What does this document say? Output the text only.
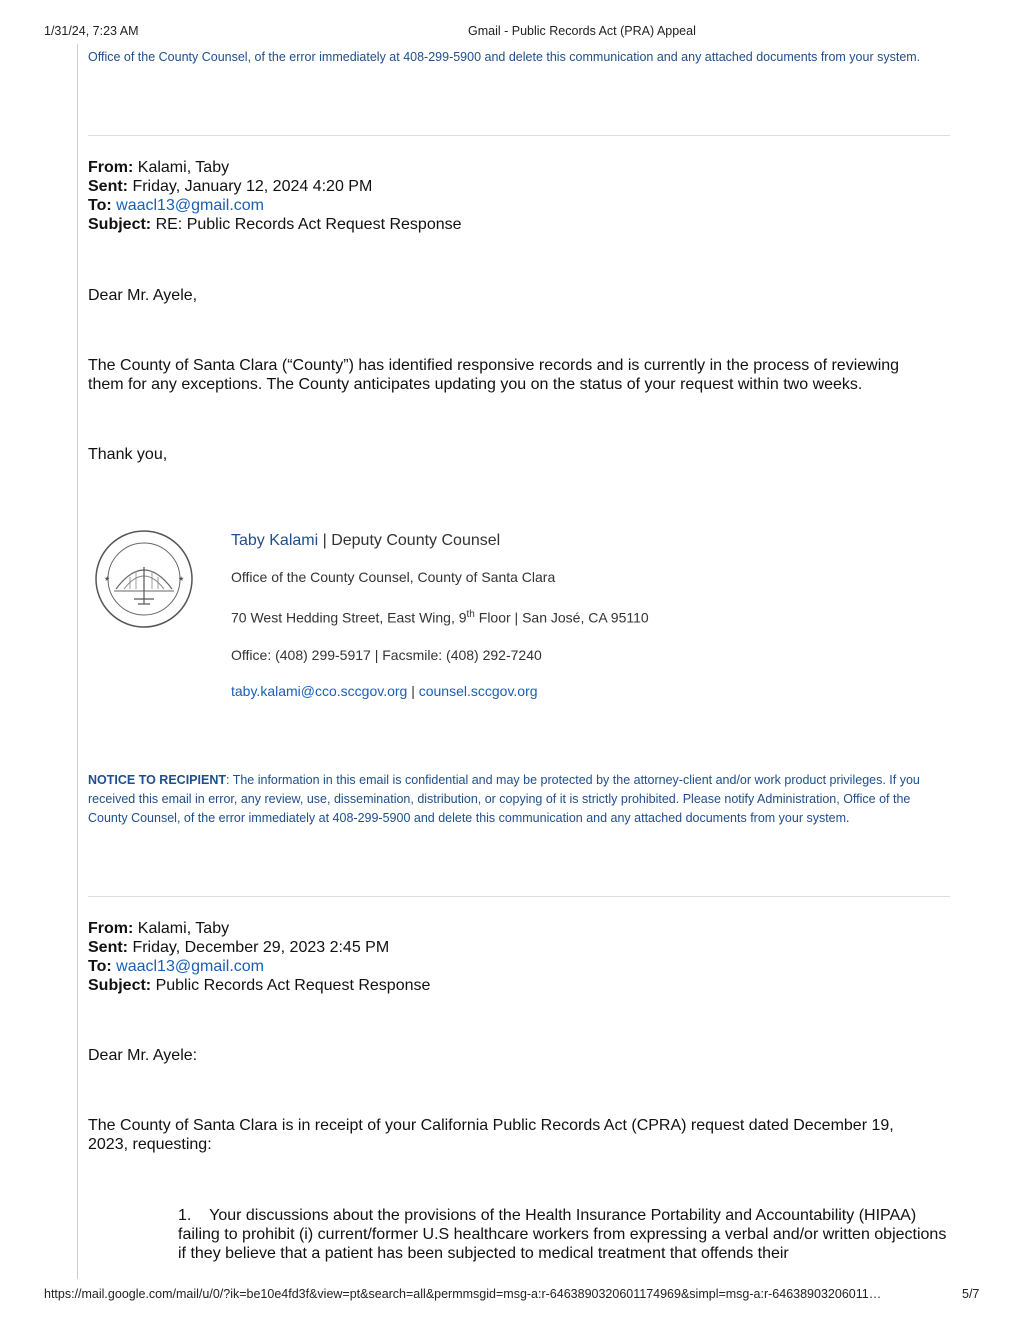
1/31/24, 7:23 AM	Gmail - Public Records Act (PRA) Appeal
Office of the County Counsel, of the error immediately at 408-299-5900 and delete this communication and any attached documents from your system.
From: Kalami, Taby
Sent: Friday, January 12, 2024 4:20 PM
To: waacl13@gmail.com
Subject: RE: Public Records Act Request Response
Dear Mr. Ayele,
The County of Santa Clara (“County”) has identified responsive records and is currently in the process of reviewing them for any exceptions. The County anticipates updating you on the status of your request within two weeks.
Thank you,
★	★
Taby Kalami | Deputy County Counsel
Office of the County Counsel, County of Santa Clara
70 West Hedding Street, East Wing, 9th Floor | San José, CA 95110
Office: (408) 299-5917 | Facsmile: (408) 292-7240
taby.kalami@cco.sccgov.org | counsel.sccgov.org
NOTICE TO RECIPIENT: The information in this email is confidential and may be protected by the attorney-client and/or work product privileges. If you received this email in error, any review, use, dissemination, distribution, or copying of it is strictly prohibited. Please notify Administration, Office of the County Counsel, of the error immediately at 408-299-5900 and delete this communication and any attached documents from your system.
From: Kalami, Taby
Sent: Friday, December 29, 2023 2:45 PM
To: waacl13@gmail.com
Subject: Public Records Act Request Response
Dear Mr. Ayele:
The County of Santa Clara is in receipt of your California Public Records Act (CPRA) request dated December 19, 2023, requesting:
1. Your discussions about the provisions of the Health Insurance Portability and Accountability (HIPAA) failing to prohibit (i) current/former U.S healthcare workers from expressing a verbal and/or written objections if they believe that a patient has been subjected to medical treatment that offends their
https://mail.google.com/mail/u/0/?ik=be10e4fd3f&view=pt&search=all&permmsgid=msg-a:r-6463890320601174969&simpl=msg-a:r-64638903206011…	5/7
